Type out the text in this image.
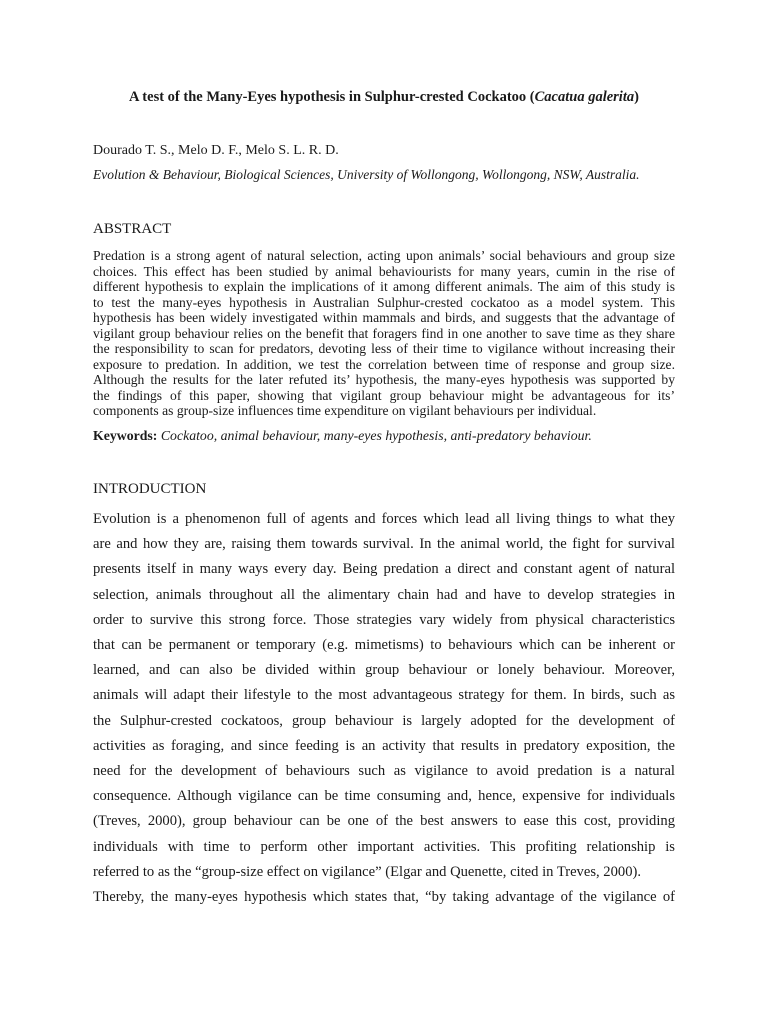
A test of the Many-Eyes hypothesis in Sulphur-crested Cockatoo (Cacatua galerita)
Dourado T. S., Melo D. F., Melo S. L. R. D.
Evolution & Behaviour, Biological Sciences, University of Wollongong, Wollongong, NSW, Australia.
ABSTRACT
Predation is a strong agent of natural selection, acting upon animals’ social behaviours and group size
choices. This effect has been studied by animal behaviourists for many years, cumin in the rise of
different hypothesis to explain the implications of it among different animals. The aim of this study is
to test the many-eyes hypothesis in Australian Sulphur-crested cockatoo as a model system. This
hypothesis has been widely investigated within mammals and birds, and suggests that the advantage of
vigilant group behaviour relies on the benefit that foragers find in one another to save time as they share
the responsibility to scan for predators, devoting less of their time to vigilance without increasing their
exposure to predation. In addition, we test the correlation between time of response and group size.
Although the results for the later refuted its’ hypothesis, the many-eyes hypothesis was supported by
the findings of this paper, showing that vigilant group behaviour might be advantageous for its’
components as group-size influences time expenditure on vigilant behaviours per individual.
Keywords: Cockatoo, animal behaviour, many-eyes hypothesis, anti-predatory behaviour.
INTRODUCTION
Evolution is a phenomenon full of agents and forces which lead all living things to what they
are and how they are, raising them towards survival. In the animal world, the fight for survival
presents itself in many ways every day. Being predation a direct and constant agent of natural
selection, animals throughout all the alimentary chain had and have to develop strategies in
order to survive this strong force. Those strategies vary widely from physical characteristics
that can be permanent or temporary (e.g. mimetisms) to behaviours which can be inherent or
learned, and can also be divided within group behaviour or lonely behaviour. Moreover,
animals will adapt their lifestyle to the most advantageous strategy for them. In birds, such as
the Sulphur-crested cockatoos, group behaviour is largely adopted for the development of
activities as foraging, and since feeding is an activity that results in predatory exposition, the
need for the development of behaviours such as vigilance to avoid predation is a natural
consequence. Although vigilance can be time consuming and, hence, expensive for individuals
(Treves, 2000), group behaviour can be one of the best answers to ease this cost, providing
individuals with time to perform other important activities. This profiting relationship is
referred to as the “group-size effect on vigilance” (Elgar and Quenette, cited in Treves, 2000).
Thereby, the many-eyes hypothesis which states that, “by taking advantage of the vigilance of
